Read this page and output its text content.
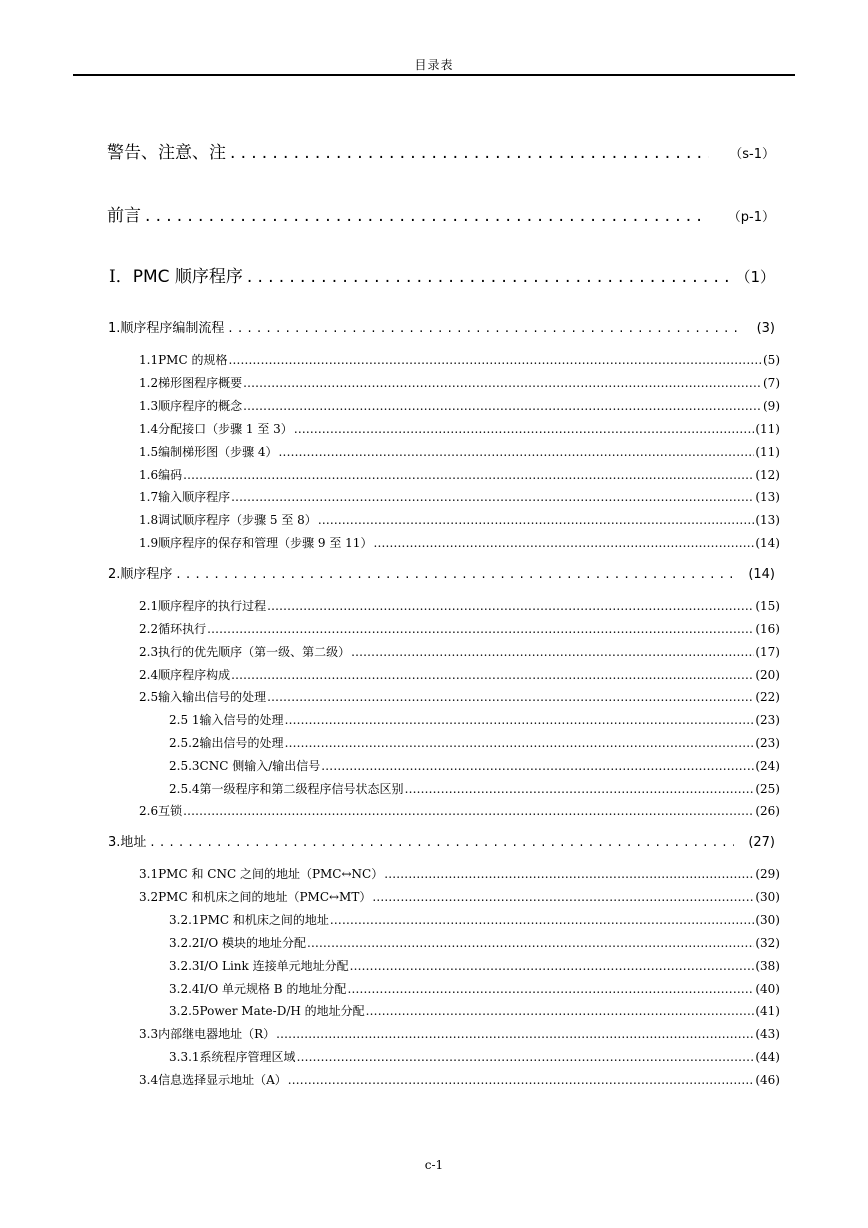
目录表
警告、注意、注 .....	（s-1）
前言 .....	（p-1）
Ⅰ． PMC 顺序程序 .....	（1）
1. 顺序程序编制流程 .....	(3)
1.1 PMC 的规格 .....	(5)
1.2 梯形图程序概要 .....	(7)
1.3 顺序程序的概念 .....	(9)
1.4 分配接口（步骤 1 至 3） .....	(11)
1.5 编制梯形图（步骤 4） .....	(11)
1.6 编码 .....	(12)
1.7 输入顺序程序 .....	(13)
1.8 调试顺序程序（步骤 5 至 8） .....	(13)
1.9 顺序程序的保存和管理（步骤 9 至 11） .....	(14)
2. 顺序程序 .....	(14)
2.1 顺序程序的执行过程 .....	(15)
2.2 循环执行 .....	(16)
2.3 执行的优先顺序（第一级、第二级） .....	(17)
2.4 顺序程序构成 .....	(20)
2.5 输入输出信号的处理 .....	(22)
2.5 1 输入信号的处理 .....	(23)
2.5.2 输出信号的处理 .....	(23)
2.5.3 CNC 侧输入/输出信号 .....	(24)
2.5.4 第一级程序和第二级程序信号状态区别 .....	(25)
2.6 互锁 .....	(26)
3. 地址 .....	(27)
3.1 PMC 和 CNC 之间的地址（PMC↔NC） .....	(29)
3.2 PMC 和机床之间的地址（PMC↔MT） .....	(30)
3.2.1 PMC 和机床之间的地址 .....	(30)
3.2.2 I/O 模块的地址分配 .....	(32)
3.2.3 I/O Link 连接单元地址分配 .....	(38)
3.2.4 I/O 单元规格 B 的地址分配 .....	(40)
3.2.5 Power Mate-D/H 的地址分配 .....	(41)
3.3 内部继电器地址（R） .....	(43)
3.3.1 系统程序管理区域 .....	(44)
3.4 信息选择显示地址（A） .....	(46)
c-1
